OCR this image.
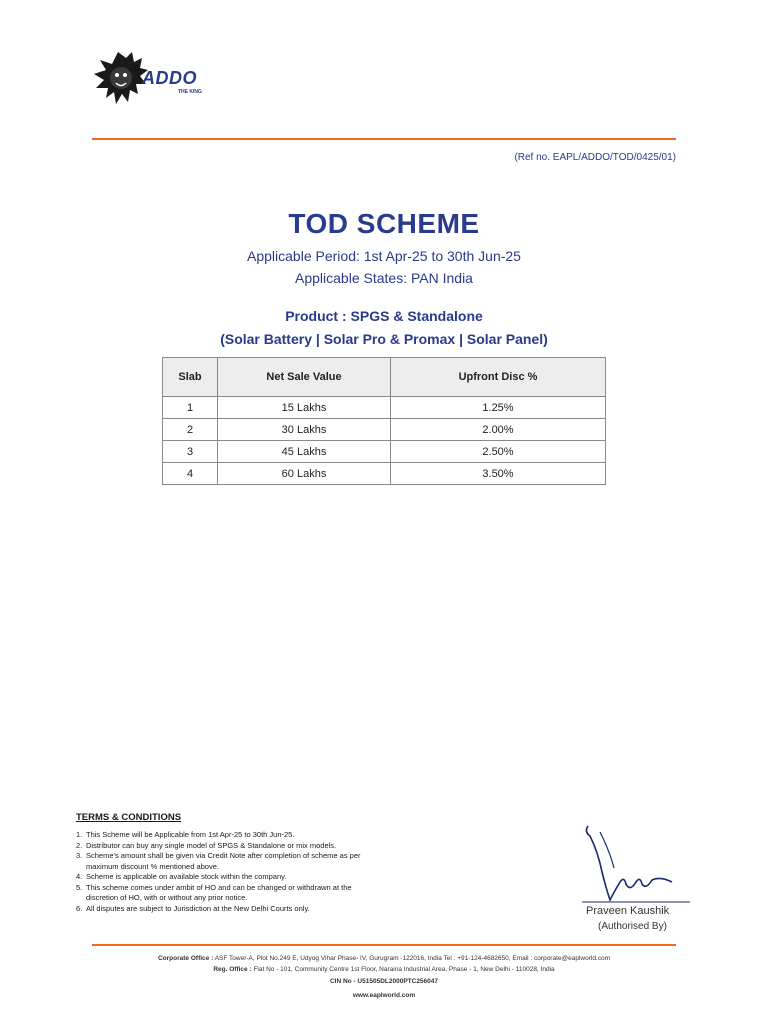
ADDO
THE KING
(Ref no. EAPL/ADDO/TOD/0425/01)
TOD SCHEME
Applicable Period: 1st Apr-25 to 30th Jun-25
Applicable States: PAN India
Product : SPGS & Standalone
(Solar Battery | Solar Pro & Promax | Solar Panel)
Slab	Net Sale Value	Upfront Disc %
1	15 Lakhs	1.25%
2	30 Lakhs	2.00%
3	45 Lakhs	2.50%
4	60 Lakhs	3.50%
TERMS & CONDITIONS
1. This Scheme will be Applicable from 1st Apr-25 to 30th Jun-25.
2. Distributor can buy any single model of SPGS & Standalone or mix models.
3. Scheme's amount shall be given via Credit Note after completion of scheme as per
maximum discount % mentioned above.
4. Scheme is applicable on available stock within the company.
5. This scheme comes under ambit of HO and can be changed or withdrawn at the
discretion of HO, with or without any prior notice.
6. All disputes are subject to Jurisdiction at the New Delhi Courts only.	Praveen Kaushik
(Authorised By)
Corporate Office : ASF Tower-A, Plot No.249 E, Udyog Vihar Phase- IV, Gurugram -122016, India Tel : +91-124-4682650, Email : corporate@eaplworld.com
Reg. Office : Flat No - 101, Community Centre 1st Floor, Naraina Industrial Area, Phase - 1, New Delhi - 110028, India
CIN No - U51505DL2000PTC256047
www.eaplworld.com
